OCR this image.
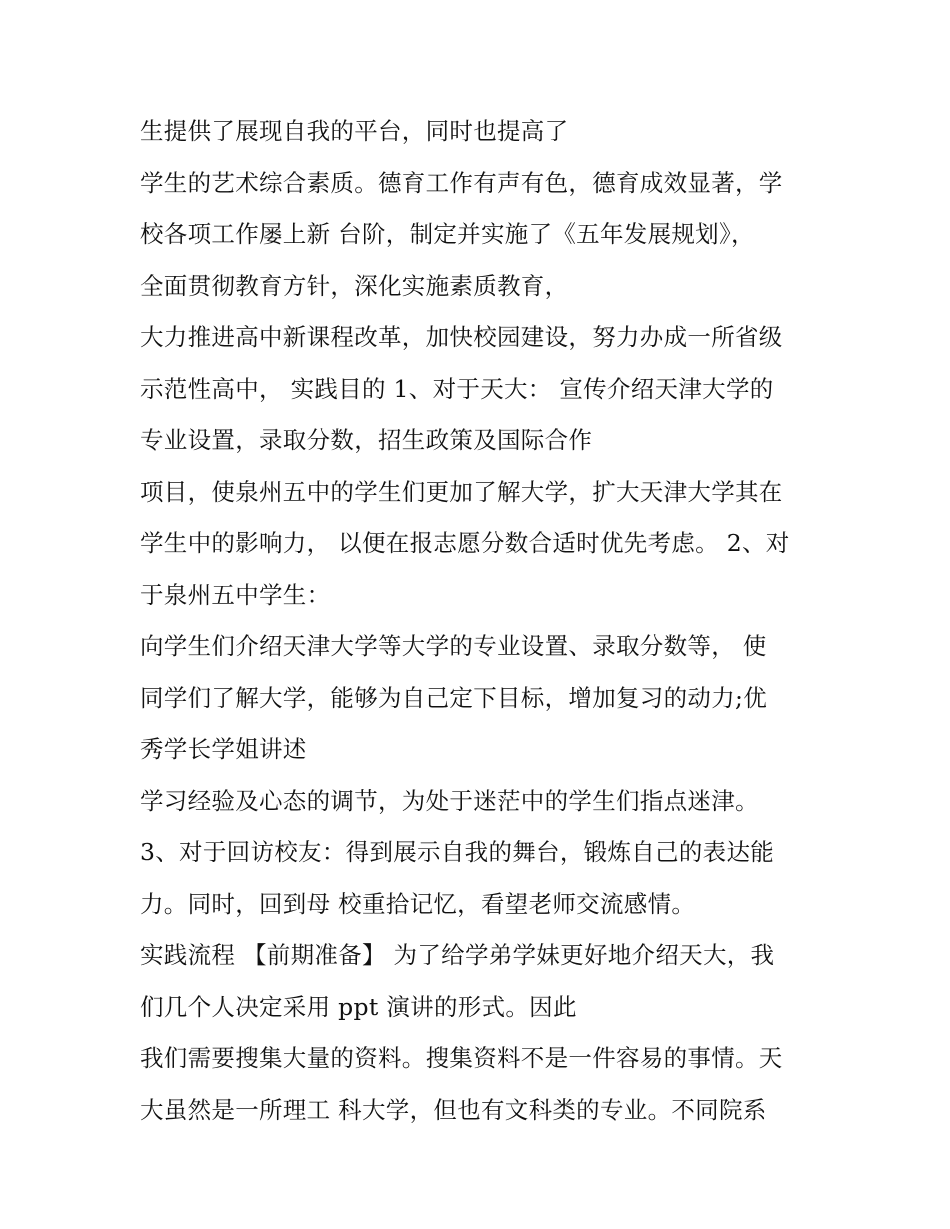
生提供了展现自我的平台，同时也提高了
学生的艺术综合素质。德育工作有声有色，德育成效显著，学
校各项工作屡上新 台阶，制定并实施了《五年发展规划》，
全面贯彻教育方针，深化实施素质教育，
大力推进高中新课程改革，加快校园建设，努力办成一所省级
示范性高中， 实践目的 1、对于天大： 宣传介绍天津大学的
专业设置，录取分数，招生政策及国际合作
项目，使泉州五中的学生们更加了解大学，扩大天津大学其在
学生中的影响力， 以便在报志愿分数合适时优先考虑。 2、对
于泉州五中学生：
向学生们介绍天津大学等大学的专业设置、录取分数等， 使
同学们了解大学，能够为自己定下目标，增加复习的动力;优
秀学长学姐讲述
学习经验及心态的调节，为处于迷茫中的学生们指点迷津。
3、对于回访校友：得到展示自我的舞台，锻炼自己的表达能
力。同时，回到母 校重拾记忆，看望老师交流感情。
实践流程 【前期准备】 为了给学弟学妹更好地介绍天大，我
们几个人决定采用 ppt 演讲的形式。因此
我们需要搜集大量的资料。搜集资料不是一件容易的事情。天
大虽然是一所理工 科大学，但也有文科类的专业。不同院系
